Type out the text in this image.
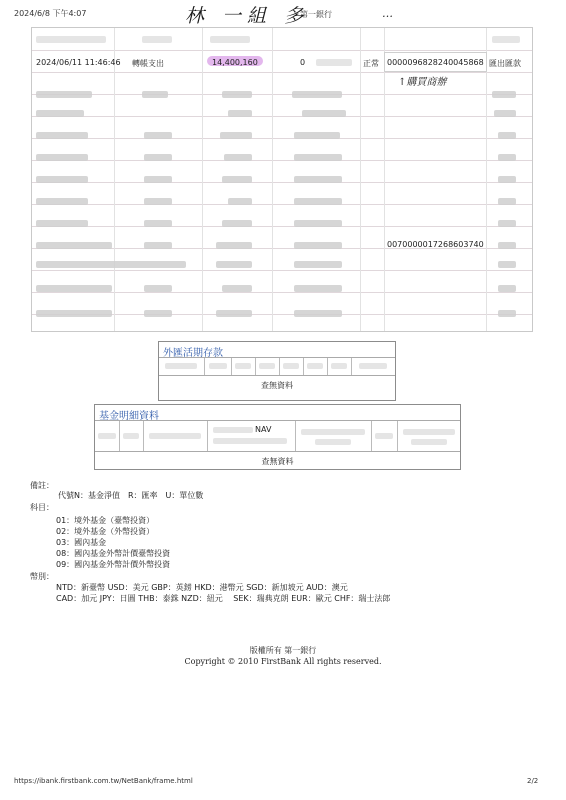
2024/6/8 下午4:07	第一銀行
林 一組 多	…
2024/06/11 11:46:46 轉帳支出	14,400,160	0	正常 0000096828240045868 匯出匯款
↑購買商辦
0070000017268603740
外匯活期存款
查無資料
基金明細資料
NAV
查無資料
備註：
代號N：基金淨值　R：匯率　U：單位數
科目：
01：境外基金（臺幣投資）
02：境外基金（外幣投資）
03：國內基金
08：國內基金外幣計價臺幣投資
09：國內基金外幣計價外幣投資
幣別：
NTD：新臺幣 USD：美元 GBP：英鎊 HKD：港幣元 SGD：新加坡元 AUD：澳元
CAD：加元 JPY：日圓 THB：泰銖 NZD：紐元　 SEK：瑞典克朗 EUR：歐元 CHF：瑞士法郎
版權所有 第一銀行
Copyright © 2010 FirstBank All rights reserved.
https://ibank.firstbank.com.tw/NetBank/frame.html	2/2
